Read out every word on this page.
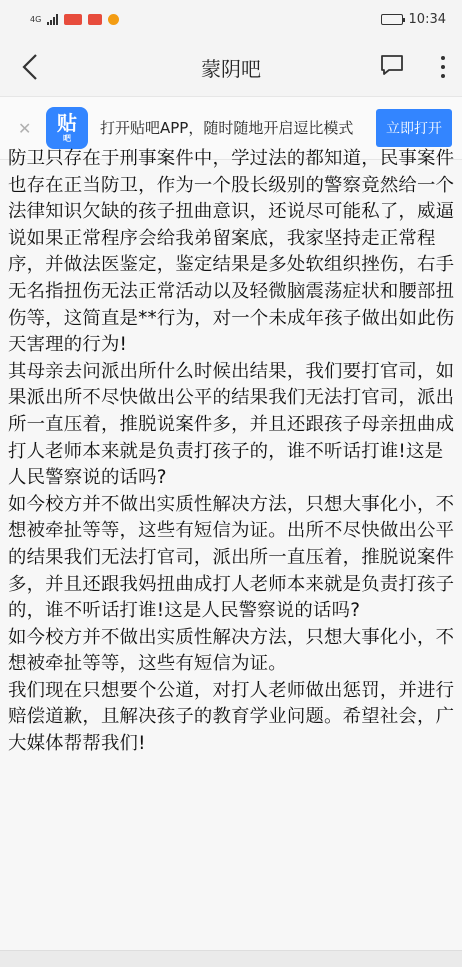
4G	10:34
蒙阴吧
✕	贴
吧
打开贴吧APP，随时随地开启逗比模式	立即打开

防卫只存在于刑事案件中，学过法的都知道，民事案件也存在正当防卫，作为一个股长级别的警察竟然给一个法律知识欠缺的孩子扭曲意识，还说尽可能私了，威逼说如果正常程序会给我弟留案底，我家坚持走正常程序，并做法医鉴定，鉴定结果是多处软组织挫伤，右手无名指扭伤无法正常活动以及轻微脑震荡症状和腰部扭伤等，这简直是**行为，对一个未成年孩子做出如此伤天害理的行为!

其母亲去问派出所什么时候出结果，我们要打官司，如果派出所不尽快做出公平的结果我们无法打官司，派出所一直压着，推脱说案件多，并且还跟孩子母亲扭曲成打人老师本来就是负责打孩子的，谁不听话打谁!这是人民警察说的话吗?

如今校方并不做出实质性解决方法，只想大事化小，不想被牵扯等等，这些有短信为证。出所不尽快做出公平的结果我们无法打官司，派出所一直压着，推脱说案件多，并且还跟我妈扭曲成打人老师本来就是负责打孩子的，谁不听话打谁!这是人民警察说的话吗?

如今校方并不做出实质性解决方法，只想大事化小，不想被牵扯等等，这些有短信为证。

我们现在只想要个公道，对打人老师做出惩罚，并进行赔偿道歉，且解决孩子的教育学业问题。希望社会，广大媒体帮帮我们!
